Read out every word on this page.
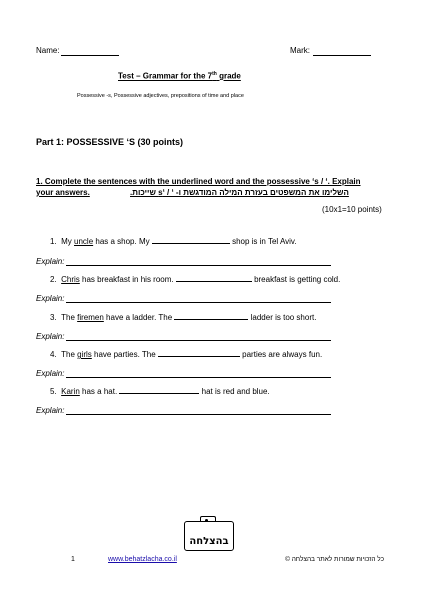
Name:	Mark:
Test – Grammar for the 7th grade
Possessive ‑s, Possessive adjectives, prepositions of time and place
Part 1: POSSESSIVE ‘S (30 points)
1. Complete the sentences with the underlined word and the possessive ‘s / ‘. Explain
your answers.	השלימו את המשפטים בעזרת המילה המודגשת ו- ‘ / ‘s שייכות.
(10x1=10 points)
1. My uncle has a shop. My	shop is in Tel Aviv.
Explain:
2. Chris has breakfast in his room.	breakfast is getting cold.
Explain:
3. The firemen have a ladder. The	ladder is too short.
Explain:
4. The girls have parties. The	parties are always fun.
Explain:
5. Karin has a hat.	hat is red and blue.
Explain:
1	www.behatzlacha.co.il
בהצלחה
כל הזכויות שמורות לאתר בהצלחה ©
